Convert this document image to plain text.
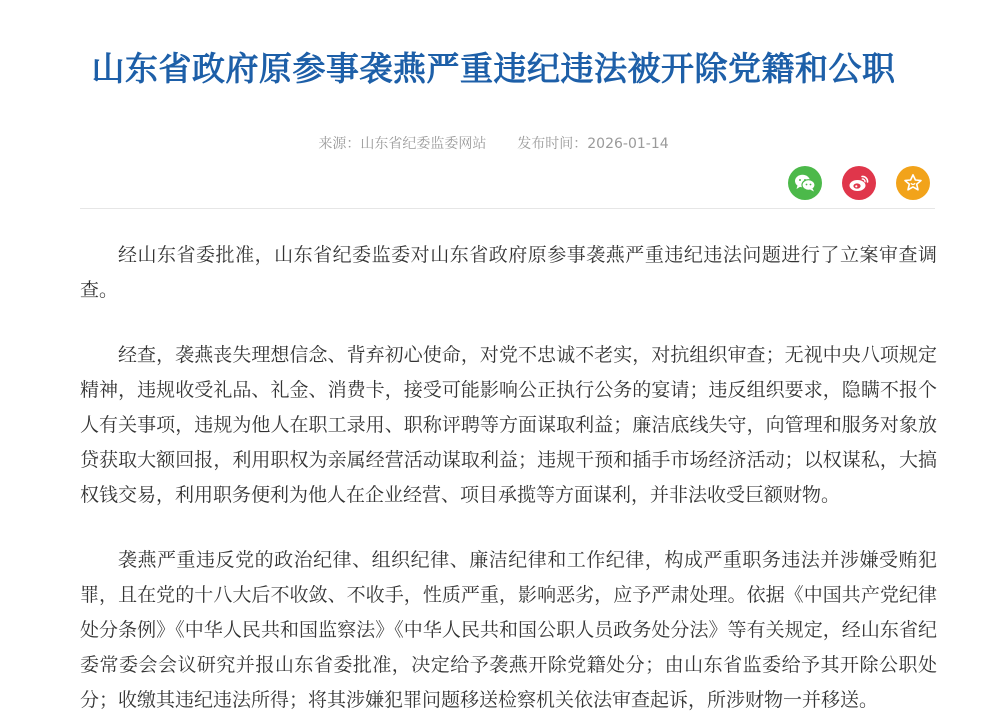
山东省政府原参事袭燕严重违纪违法被开除党籍和公职
来源：山东省纪委监委网站 发布时间：2026-01-14

经山东省委批准，山东省纪委监委对山东省政府原参事袭燕严重违纪违法问题进行了立案审查调查。

经查，袭燕丧失理想信念、背弃初心使命，对党不忠诚不老实，对抗组织审查；无视中央八项规定精神，违规收受礼品、礼金、消费卡，接受可能影响公正执行公务的宴请；违反组织要求，隐瞒不报个人有关事项，违规为他人在职工录用、职称评聘等方面谋取利益；廉洁底线失守，向管理和服务对象放贷获取大额回报，利用职权为亲属经营活动谋取利益；违规干预和插手市场经济活动；以权谋私，大搞权钱交易，利用职务便利为他人在企业经营、项目承揽等方面谋利，并非法收受巨额财物。

袭燕严重违反党的政治纪律、组织纪律、廉洁纪律和工作纪律，构成严重职务违法并涉嫌受贿犯罪，且在党的十八大后不收敛、不收手，性质严重，影响恶劣，应予严肃处理。依据《中国共产党纪律处分条例》《中华人民共和国监察法》《中华人民共和国公职人员政务处分法》等有关规定，经山东省纪委常委会会议研究并报山东省委批准，决定给予袭燕开除党籍处分；由山东省监委给予其开除公职处分；收缴其违纪违法所得；将其涉嫌犯罪问题移送检察机关依法审查起诉，所涉财物一并移送。
